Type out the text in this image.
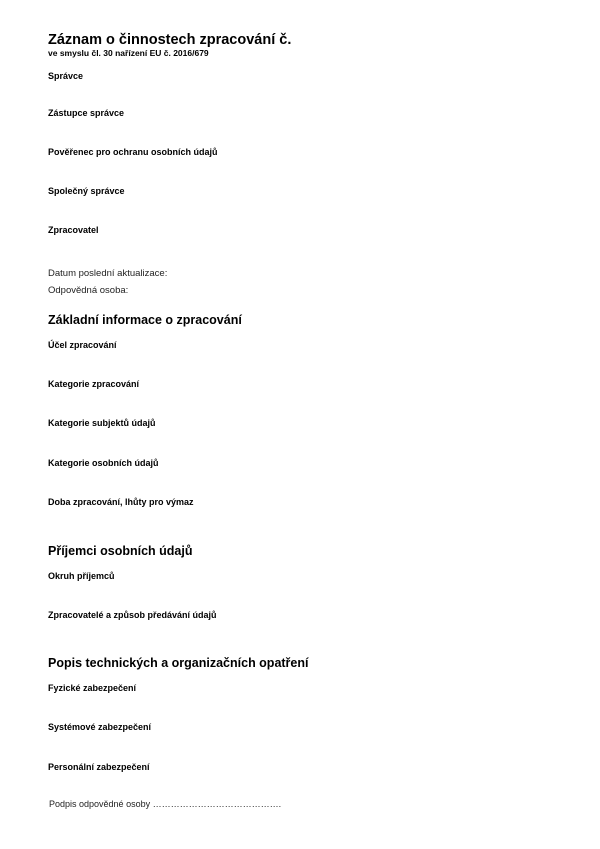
Záznam o činnostech zpracování č.
ve smyslu čl. 30 nařízení EU č. 2016/679
Správce
Zástupce správce
Pověřenec pro ochranu osobních údajů
Společný správce
Zpracovatel
Datum poslední aktualizace:
Odpovědná osoba:
Základní informace o zpracování
Účel zpracování
Kategorie zpracování
Kategorie subjektů údajů
Kategorie osobních údajů
Doba zpracování, lhůty pro výmaz
Příjemci osobních údajů
Okruh příjemců
Zpracovatelé a způsob předávání údajů
Popis technických a organizačních opatření
Fyzické zabezpečení
Systémové zabezpečení
Personální zabezpečení
Podpis odpovědné osoby …………………………………….
